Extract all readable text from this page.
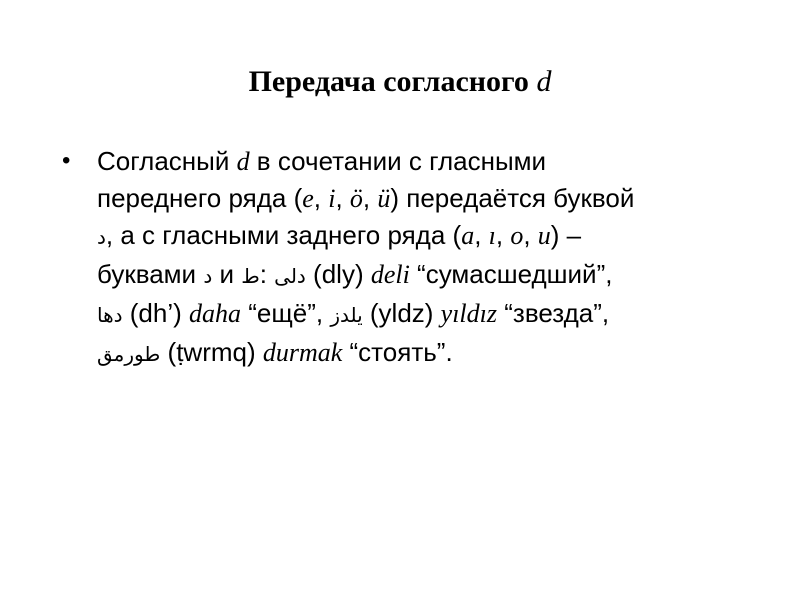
Передача согласного d
• Согласный d в сочетании с гласными
переднего ряда (e, i, ö, ü) передаётся буквой
د, а с гласными заднего ряда (a, ı, o, u) –
буквами د и ط: دلی (dly) deli “сумасшедший”,
دها (dh’) daha “ещё”, یلدز (yldz) yıldız “звезда”,
طورمق (ṭwrmq) durmak “стоять”.
